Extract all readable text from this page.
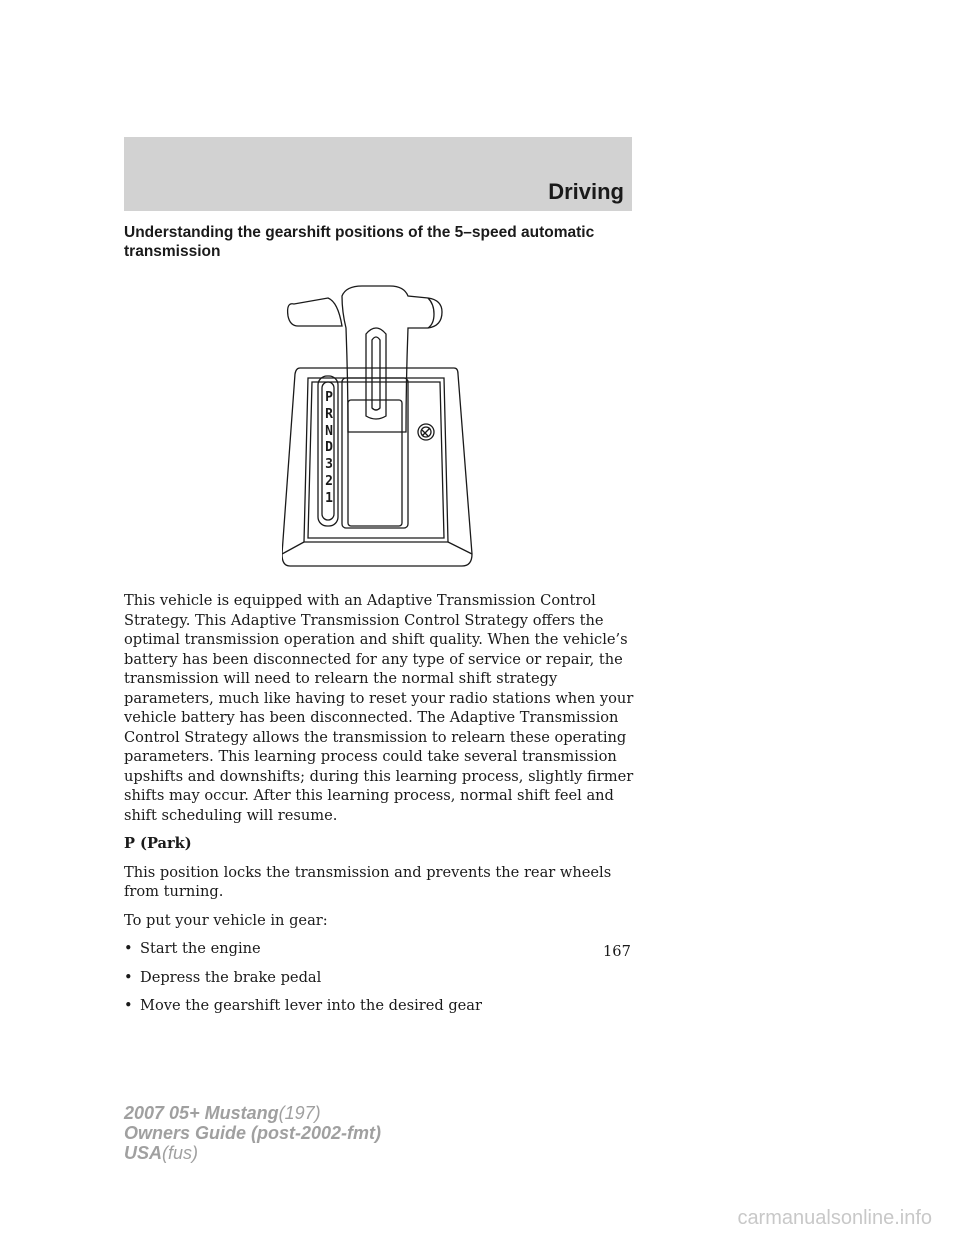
Driving
Understanding the gearshift positions of the 5–speed automatic transmission
P
R
N
D
3
2
1

This vehicle is equipped with an Adaptive Transmission Control Strategy. This Adaptive Transmission Control Strategy offers the optimal transmission operation and shift quality. When the vehicle’s battery has been disconnected for any type of service or repair, the transmission will need to relearn the normal shift strategy parameters, much like having to reset your radio stations when your vehicle battery has been disconnected. The Adaptive Transmission Control Strategy allows the transmission to relearn these operating parameters. This learning process could take several transmission upshifts and downshifts; during this learning process, slightly firmer shifts may occur. After this learning process, normal shift feel and shift scheduling will resume.

P (Park)

This position locks the transmission and prevents the rear wheels from turning.

To put your vehicle in gear:

• Start the engine
• Depress the brake pedal
• Move the gearshift lever into the desired gear
167
2007 05+ Mustang(197)
Owners Guide (post-2002-fmt)
USA(fus)
carmanualsonline.info
